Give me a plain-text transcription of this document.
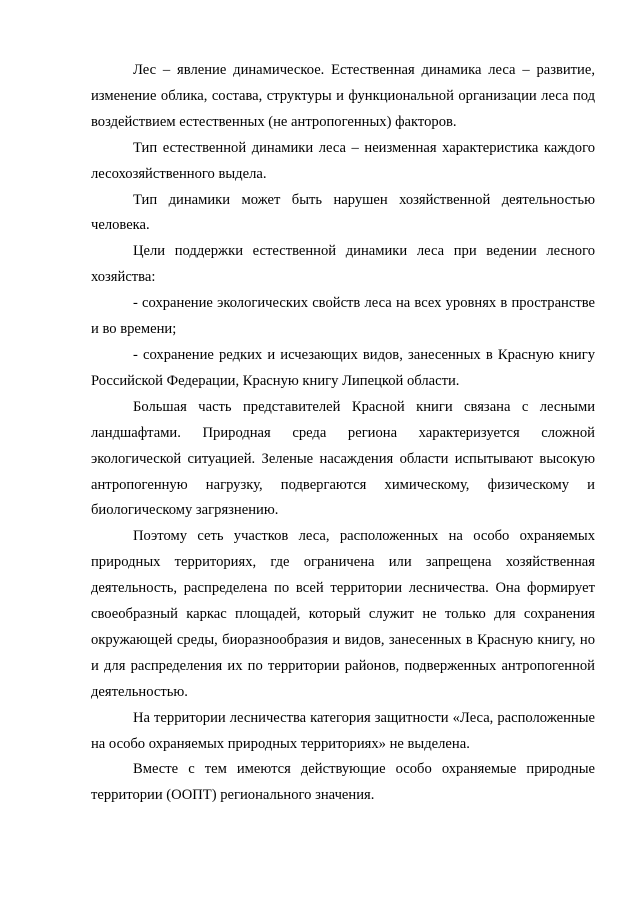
Лес – явление динамическое. Естественная динамика леса – развитие, изменение облика, состава, структуры и функциональной организации леса под воздействием естественных (не антропогенных) факторов.

Тип естественной динамики леса – неизменная характеристика каждого лесохозяйственного выдела.

Тип динамики может быть нарушен хозяйственной деятельностью человека.

Цели поддержки естественной динамики леса при ведении лесного хозяйства:

- сохранение экологических свойств леса на всех уровнях в пространстве и во времени;

- сохранение редких и исчезающих видов, занесенных в Красную книгу Российской Федерации, Красную книгу Липецкой области.

Большая часть представителей Красной книги связана с лесными ландшафтами. Природная среда региона характеризуется сложной экологической ситуацией. Зеленые насаждения области испытывают высокую антропогенную нагрузку, подвергаются химическому, физическому и биологическому загрязнению.

Поэтому сеть участков леса, расположенных на особо охраняемых природных территориях, где ограничена или запрещена хозяйственная деятельность, распределена по всей территории лесничества. Она формирует своеобразный каркас площадей, который служит не только для сохранения окружающей среды, биоразнообразия и видов, занесенных в Красную книгу, но и для распределения их по территории районов, подверженных антропогенной деятельностью.

На территории лесничества категория защитности «Леса, расположенные на особо охраняемых природных территориях» не выделена.

Вместе с тем имеются действующие особо охраняемые природные территории (ООПТ) регионального значения.
